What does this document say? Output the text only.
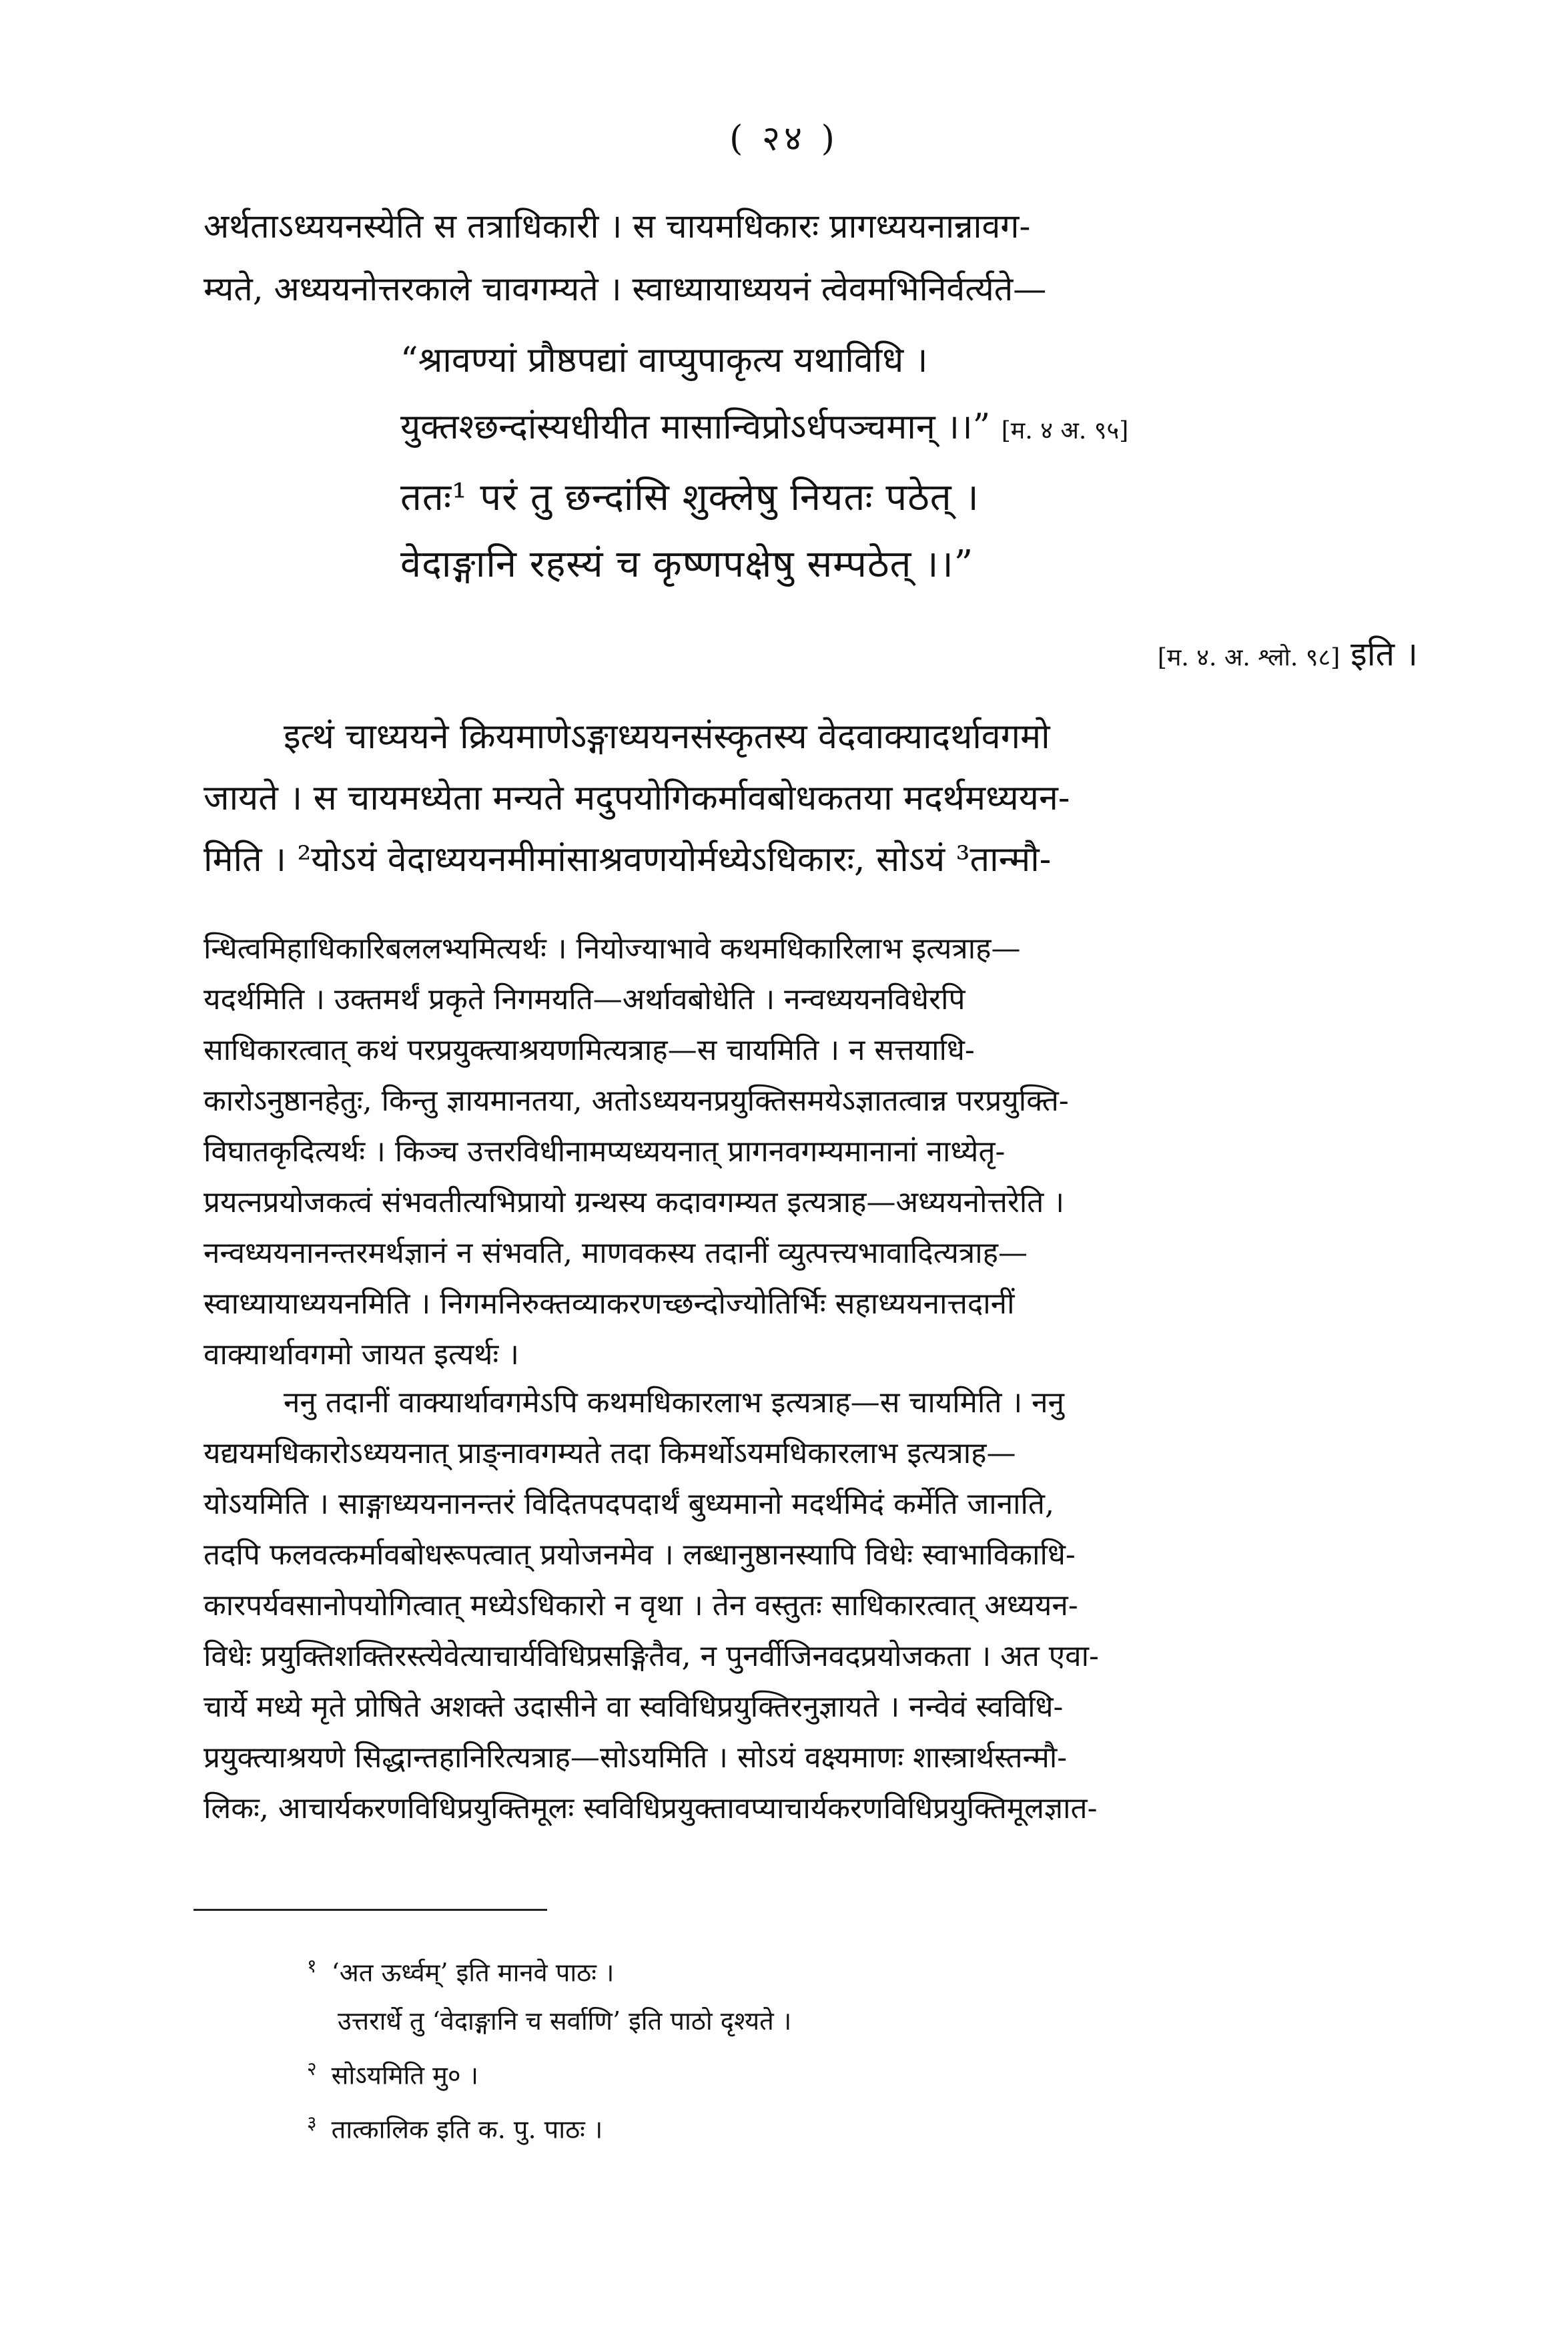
( २४ )
अर्थताऽध्ययनस्येति स तत्राधिकारी । स चायमधिकारः प्रागध्ययनान्नावग-
म्यते, अध्ययनोत्तरकाले चावगम्यते । स्वाध्यायाध्ययनं त्वेवमभिनिर्वर्त्यते—
“श्रावण्यां प्रौष्ठपद्यां वाप्युपाकृत्य यथाविधि ।
युक्तश्छन्दांस्यधीयीत मासान्विप्रोऽर्धपञ्चमान् ।।” [म. ४ अ. ९५]
ततः¹ परं तु छन्दांसि शुक्लेषु नियतः पठेत् ।
वेदाङ्गानि रहस्यं च कृष्णपक्षेषु सम्पठेत् ।।”
[म. ४. अ. श्लो. ९८] इति ।
इत्थं चाध्ययने क्रियमाणेऽङ्गाध्ययनसंस्कृतस्य वेदवाक्यादर्थावगमो
जायते । स चायमध्येता मन्यते मदुपयोगिकर्मावबोधकतया मदर्थमध्ययन-
मिति । ²योऽयं वेदाध्ययनमीमांसाश्रवणयोर्मध्येऽधिकारः, सोऽयं ³तान्मौ-
न्धित्वमिहाधिकारिबललभ्यमित्यर्थः । नियोज्याभावे कथमधिकारिलाभ इत्यत्राह—
यदर्थमिति । उक्तमर्थं प्रकृते निगमयति—अर्थावबोधेति । नन्वध्ययनविधेरपि
साधिकारत्वात् कथं परप्रयुक्त्याश्रयणमित्यत्राह—स चायमिति । न सत्तयाधि-
कारोऽनुष्ठानहेतुः, किन्तु ज्ञायमानतया, अतोऽध्ययनप्रयुक्तिसमयेऽज्ञातत्वान्न परप्रयुक्ति-
विघातकृदित्यर्थः । किञ्च उत्तरविधीनामप्यध्ययनात् प्रागनवगम्यमानानां नाध्येतृ-
प्रयत्नप्रयोजकत्वं संभवतीत्यभिप्रायो ग्रन्थस्य कदावगम्यत इत्यत्राह—अध्ययनोत्तरेति ।
नन्वध्ययनानन्तरमर्थज्ञानं न संभवति, माणवकस्य तदानीं व्युत्पत्त्यभावादित्यत्राह—
स्वाध्यायाध्ययनमिति । निगमनिरुक्तव्याकरणच्छन्दोज्योतिर्भिः सहाध्ययनात्तदानीं
वाक्यार्थावगमो जायत इत्यर्थः ।
ननु तदानीं वाक्यार्थावगमेऽपि कथमधिकारलाभ इत्यत्राह—स चायमिति । ननु
यद्ययमधिकारोऽध्ययनात् प्राङ्नावगम्यते तदा किमर्थोऽयमधिकारलाभ इत्यत्राह—
योऽयमिति । साङ्गाध्ययनानन्तरं विदितपदपदार्थं बुध्यमानो मदर्थमिदं कर्मेति जानाति,
तदपि फलवत्कर्मावबोधरूपत्वात् प्रयोजनमेव । लब्धानुष्ठानस्यापि विधेः स्वाभाविकाधि-
कारपर्यवसानोपयोगित्वात् मध्येऽधिकारो न वृथा । तेन वस्तुतः साधिकारत्वात् अध्ययन-
विधेः प्रयुक्तिशक्तिरस्त्येवेत्याचार्यविधिप्रसङ्गितैव, न पुनर्वीजिनवदप्रयोजकता । अत एवा-
चार्ये मध्ये मृते प्रोषिते अशक्ते उदासीने वा स्वविधिप्रयुक्तिरनुज्ञायते । नन्वेवं स्वविधि-
प्रयुक्त्याश्रयणे सिद्धान्तहानिरित्यत्राह—सोऽयमिति । सोऽयं वक्ष्यमाणः शास्त्रार्थस्तन्मौ-
लिकः, आचार्यकरणविधिप्रयुक्तिमूलः स्वविधिप्रयुक्तावप्याचार्यकरणविधिप्रयुक्तिमूलज्ञात-
$^१$ ‘अत ऊर्ध्वम्’ इति मानवे पाठः ।
उत्तरार्धे तु ‘वेदाङ्गानि च सर्वाणि’ इति पाठो दृश्यते ।
$^२$ सोऽयमिति मु० ।
$^३$ तात्कालिक इति क. पु. पाठः ।
